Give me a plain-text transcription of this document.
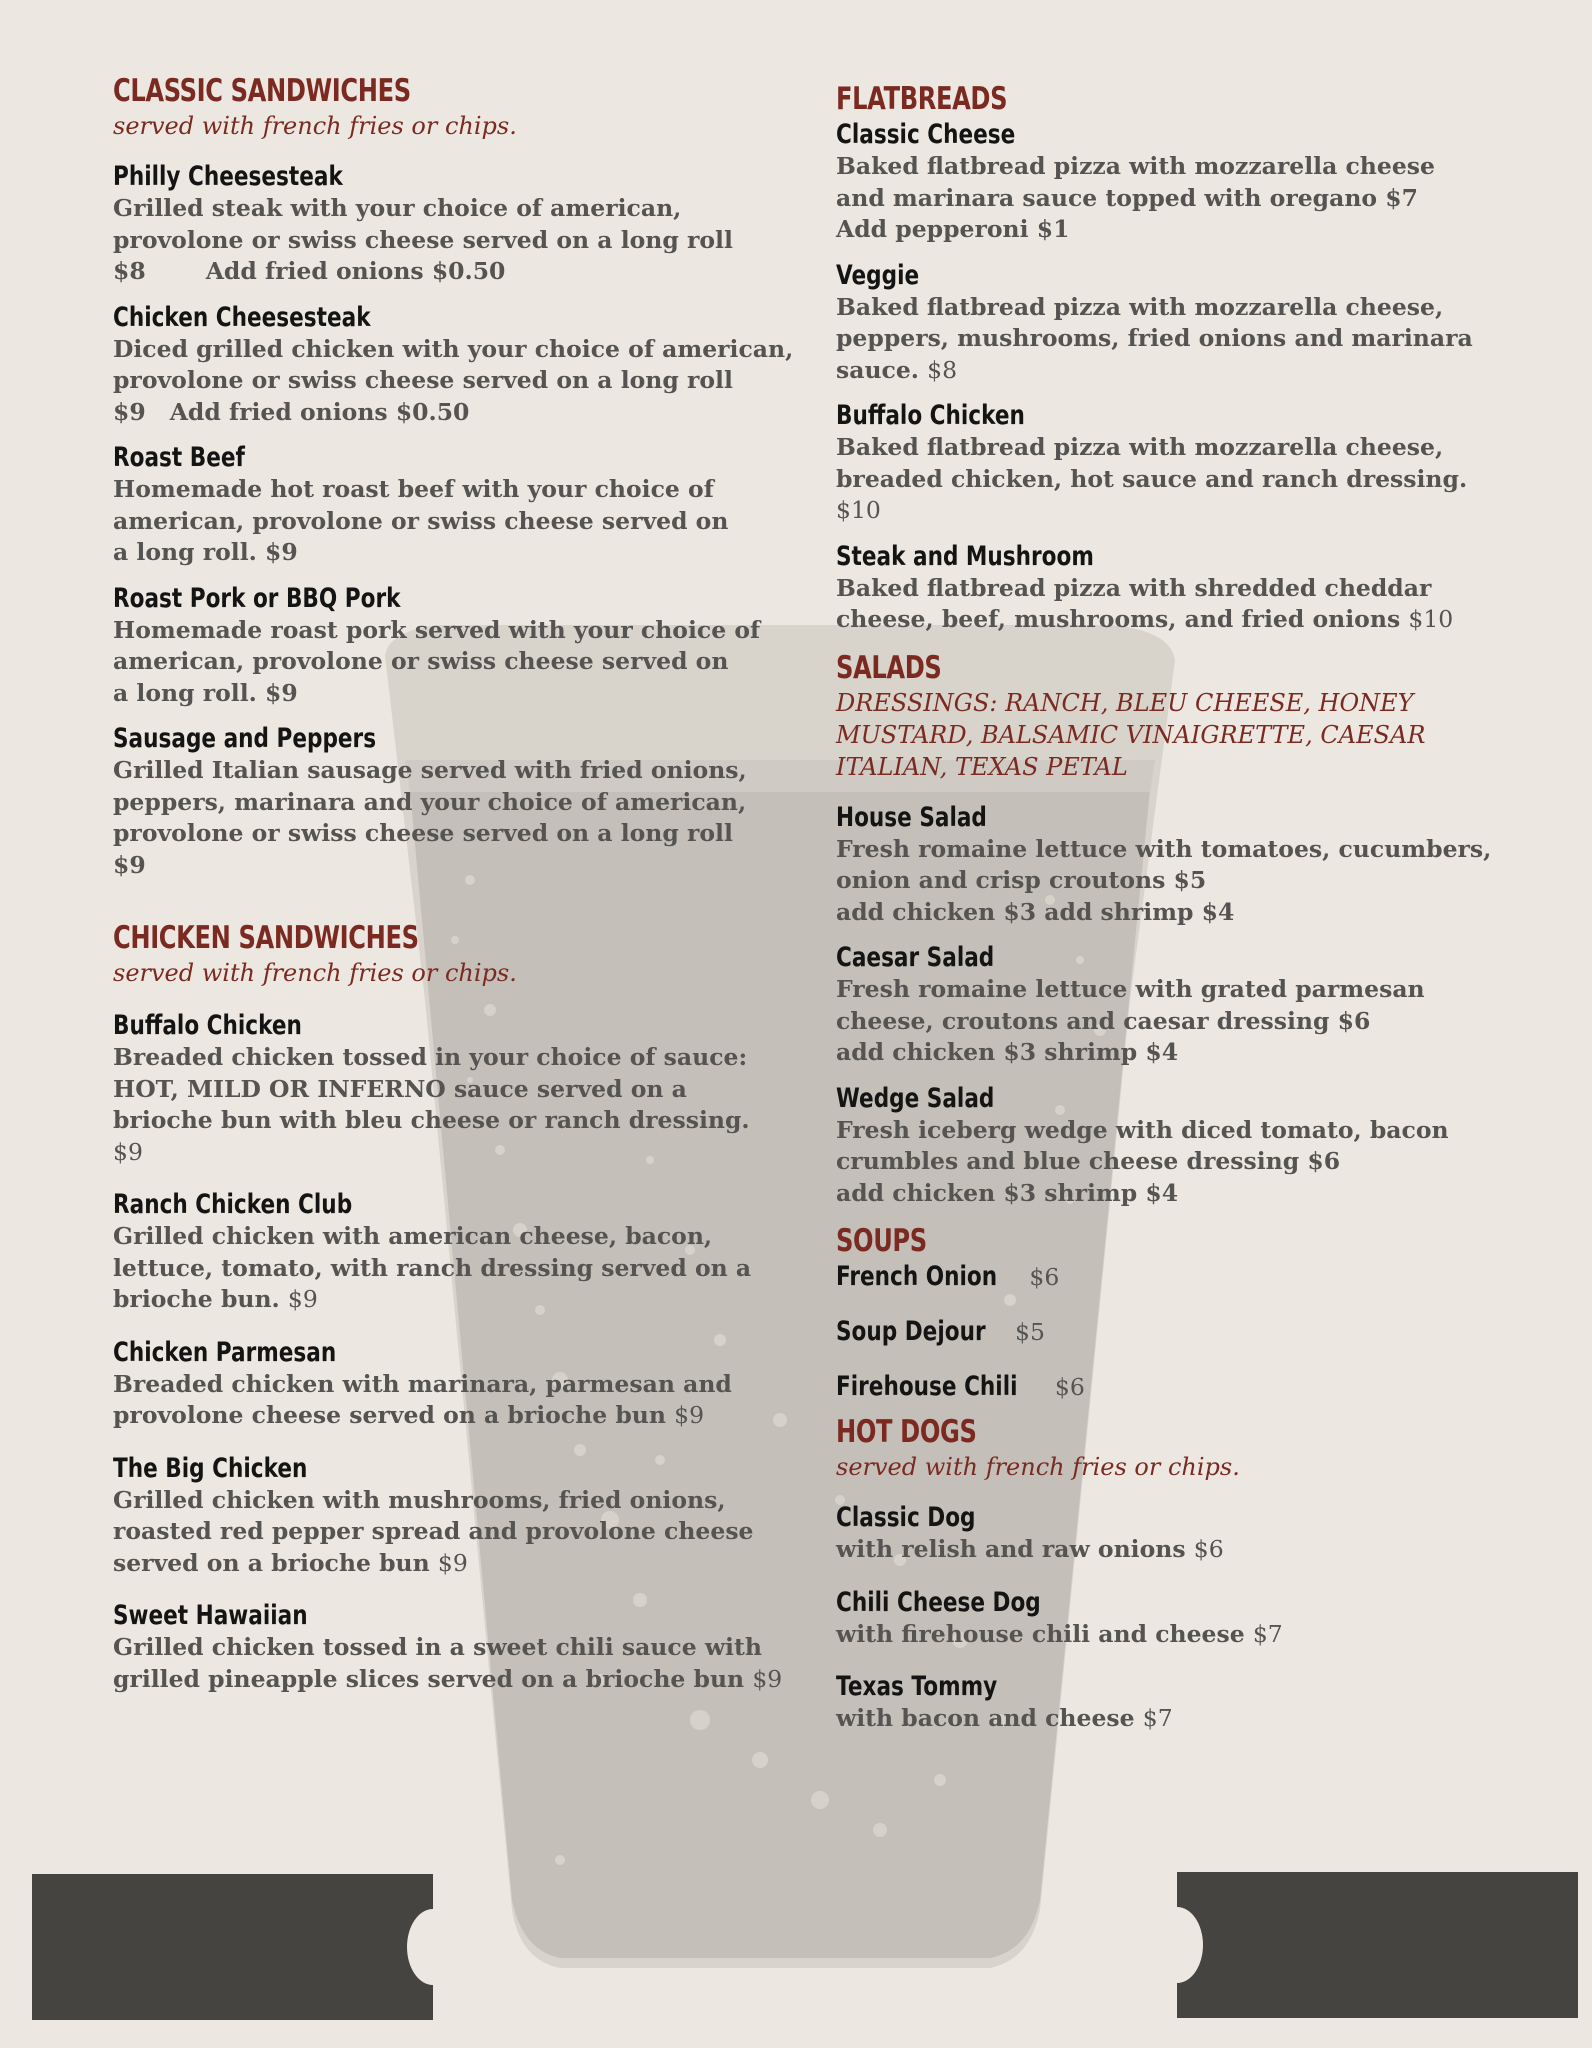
CLASSIC SANDWICHES
served with french fries or chips.
Philly Cheesesteak
Grilled steak with your choice of american,
provolone or swiss cheese served on a long roll
$8	Add fried onions $0.50
Chicken Cheesesteak
Diced grilled chicken with your choice of american,
provolone or swiss cheese served on a long roll
$9 Add fried onions $0.50
Roast Beef
Homemade hot roast beef with your choice of
american, provolone or swiss cheese served on
a long roll. $9
Roast Pork or BBQ Pork
Homemade roast pork served with your choice of
american, provolone or swiss cheese served on
a long roll. $9
Sausage and Peppers
Grilled Italian sausage served with fried onions,
peppers, marinara and your choice of american,
provolone or swiss cheese served on a long roll
$9
CHICKEN SANDWICHES
served with french fries or chips.
Buffalo Chicken
Breaded chicken tossed in your choice of sauce:
HOT, MILD OR INFERNO sauce served on a
brioche bun with bleu cheese or ranch dressing.
$9
Ranch Chicken Club
Grilled chicken with american cheese, bacon,
lettuce, tomato, with ranch dressing served on a
brioche bun. $9
Chicken Parmesan
Breaded chicken with marinara, parmesan and
provolone cheese served on a brioche bun $9
The Big Chicken
Grilled chicken with mushrooms, fried onions,
roasted red pepper spread and provolone cheese
served on a brioche bun $9
Sweet Hawaiian
Grilled chicken tossed in a sweet chili sauce with
grilled pineapple slices served on a brioche bun $9
FLATBREADS
Classic Cheese
Baked flatbread pizza with mozzarella cheese
and marinara sauce topped with oregano $7
Add pepperoni $1
Veggie
Baked flatbread pizza with mozzarella cheese,
peppers, mushrooms, fried onions and marinara
sauce. $8
Buffalo Chicken
Baked flatbread pizza with mozzarella cheese,
breaded chicken, hot sauce and ranch dressing.
$10
Steak and Mushroom
Baked flatbread pizza with shredded cheddar
cheese, beef, mushrooms, and fried onions $10
SALADS
DRESSINGS: RANCH, BLEU CHEESE, HONEY
MUSTARD, BALSAMIC VINAIGRETTE, CAESAR
ITALIAN, TEXAS PETAL
House Salad
Fresh romaine lettuce with tomatoes, cucumbers,
onion and crisp croutons $5
add chicken $3 add shrimp $4
Caesar Salad
Fresh romaine lettuce with grated parmesan
cheese, croutons and caesar dressing $6
add chicken $3 shrimp $4
Wedge Salad
Fresh iceberg wedge with diced tomato, bacon
crumbles and blue cheese dressing $6
add chicken $3 shrimp $4
SOUPS
French Onion $6
Soup Dejour $5
Firehouse Chili $6
HOT DOGS
served with french fries or chips.
Classic Dog
with relish and raw onions $6
Chili Cheese Dog
with firehouse chili and cheese $7
Texas Tommy
with bacon and cheese $7
